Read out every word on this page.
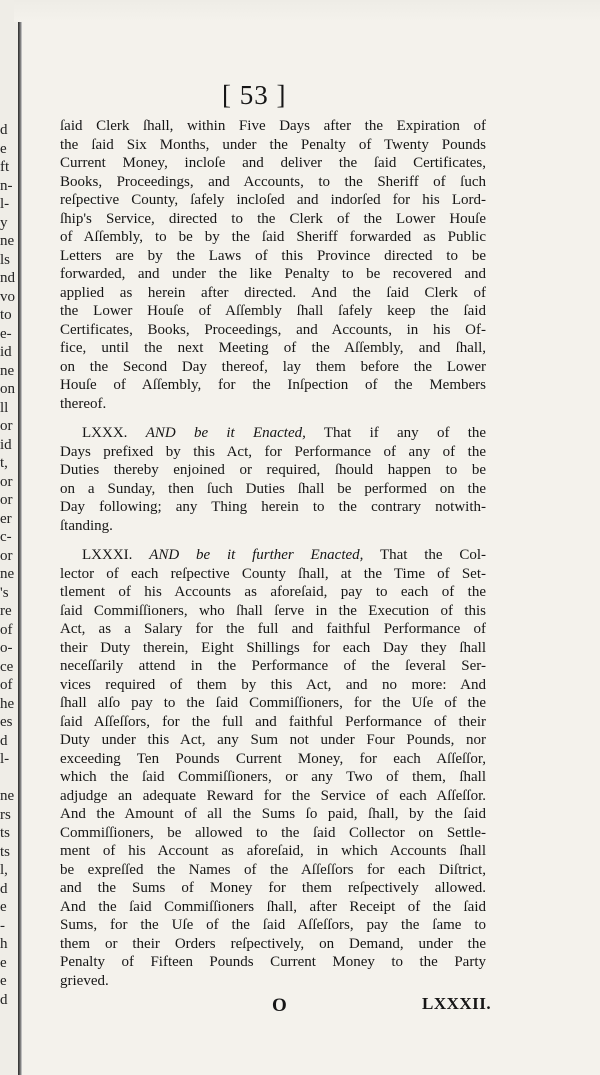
d
e
ft
n-
l-
y
ne
ls
nd
vo
to
e-
id
ne
on
ll
or
id
t,
or
or
er
c-
or
ne
's
re
of
o-
ce
of
he
es
d
l-
ne
rs
ts
ts
l,
d
e
-
h
e
e
d
[ 53 ]

ſaid Clerk ſhall, within Five Days after the Expiration of

the ſaid Six Months, under the Penalty of Twenty Pounds

Current Money, incloſe and deliver the ſaid Certificates,

Books, Proceedings, and Accounts, to the Sheriff of ſuch

reſpective County, ſafely incloſed and indorſed for his Lord-

ſhip's Service, directed to the Clerk of the Lower Houſe

of Aſſembly, to be by the ſaid Sheriff forwarded as Public

Letters are by the Laws of this Province directed to be

forwarded, and under the like Penalty to be recovered and

applied as herein after directed. And the ſaid Clerk of

the Lower Houſe of Aſſembly ſhall ſafely keep the ſaid

Certificates, Books, Proceedings, and Accounts, in his Of-

fice, until the next Meeting of the Aſſembly, and ſhall,

on the Second Day thereof, lay them before the Lower

Houſe of Aſſembly, for the Inſpection of the Members

thereof.

LXXX. AND be it Enacted, That if any of the

Days prefixed by this Act, for Performance of any of the

Duties thereby enjoined or required, ſhould happen to be

on a Sunday, then ſuch Duties ſhall be performed on the

Day following; any Thing herein to the contrary notwith-

ſtanding.

LXXXI. AND be it further Enacted, That the Col-

lector of each reſpective County ſhall, at the Time of Set-

tlement of his Accounts as aforeſaid, pay to each of the

ſaid Commiſſioners, who ſhall ſerve in the Execution of this

Act, as a Salary for the full and faithful Performance of

their Duty therein, Eight Shillings for each Day they ſhall

neceſſarily attend in the Performance of the ſeveral Ser-

vices required of them by this Act, and no more: And

ſhall alſo pay to the ſaid Commiſſioners, for the Uſe of the

ſaid Aſſeſſors, for the full and faithful Performance of their

Duty under this Act, any Sum not under Four Pounds, nor

exceeding Ten Pounds Current Money, for each Aſſeſſor,

which the ſaid Commiſſioners, or any Two of them, ſhall

adjudge an adequate Reward for the Service of each Aſſeſſor.

And the Amount of all the Sums ſo paid, ſhall, by the ſaid

Commiſſioners, be allowed to the ſaid Collector on Settle-

ment of his Account as aforeſaid, in which Accounts ſhall

be expreſſed the Names of the Aſſeſſors for each Diſtrict,

and the Sums of Money for them reſpectively allowed.

And the ſaid Commiſſioners ſhall, after Receipt of the ſaid

Sums, for the Uſe of the ſaid Aſſeſſors, pay the ſame to

them or their Orders reſpectively, on Demand, under the

Penalty of Fifteen Pounds Current Money to the Party

grieved.

O	LXXXII.
